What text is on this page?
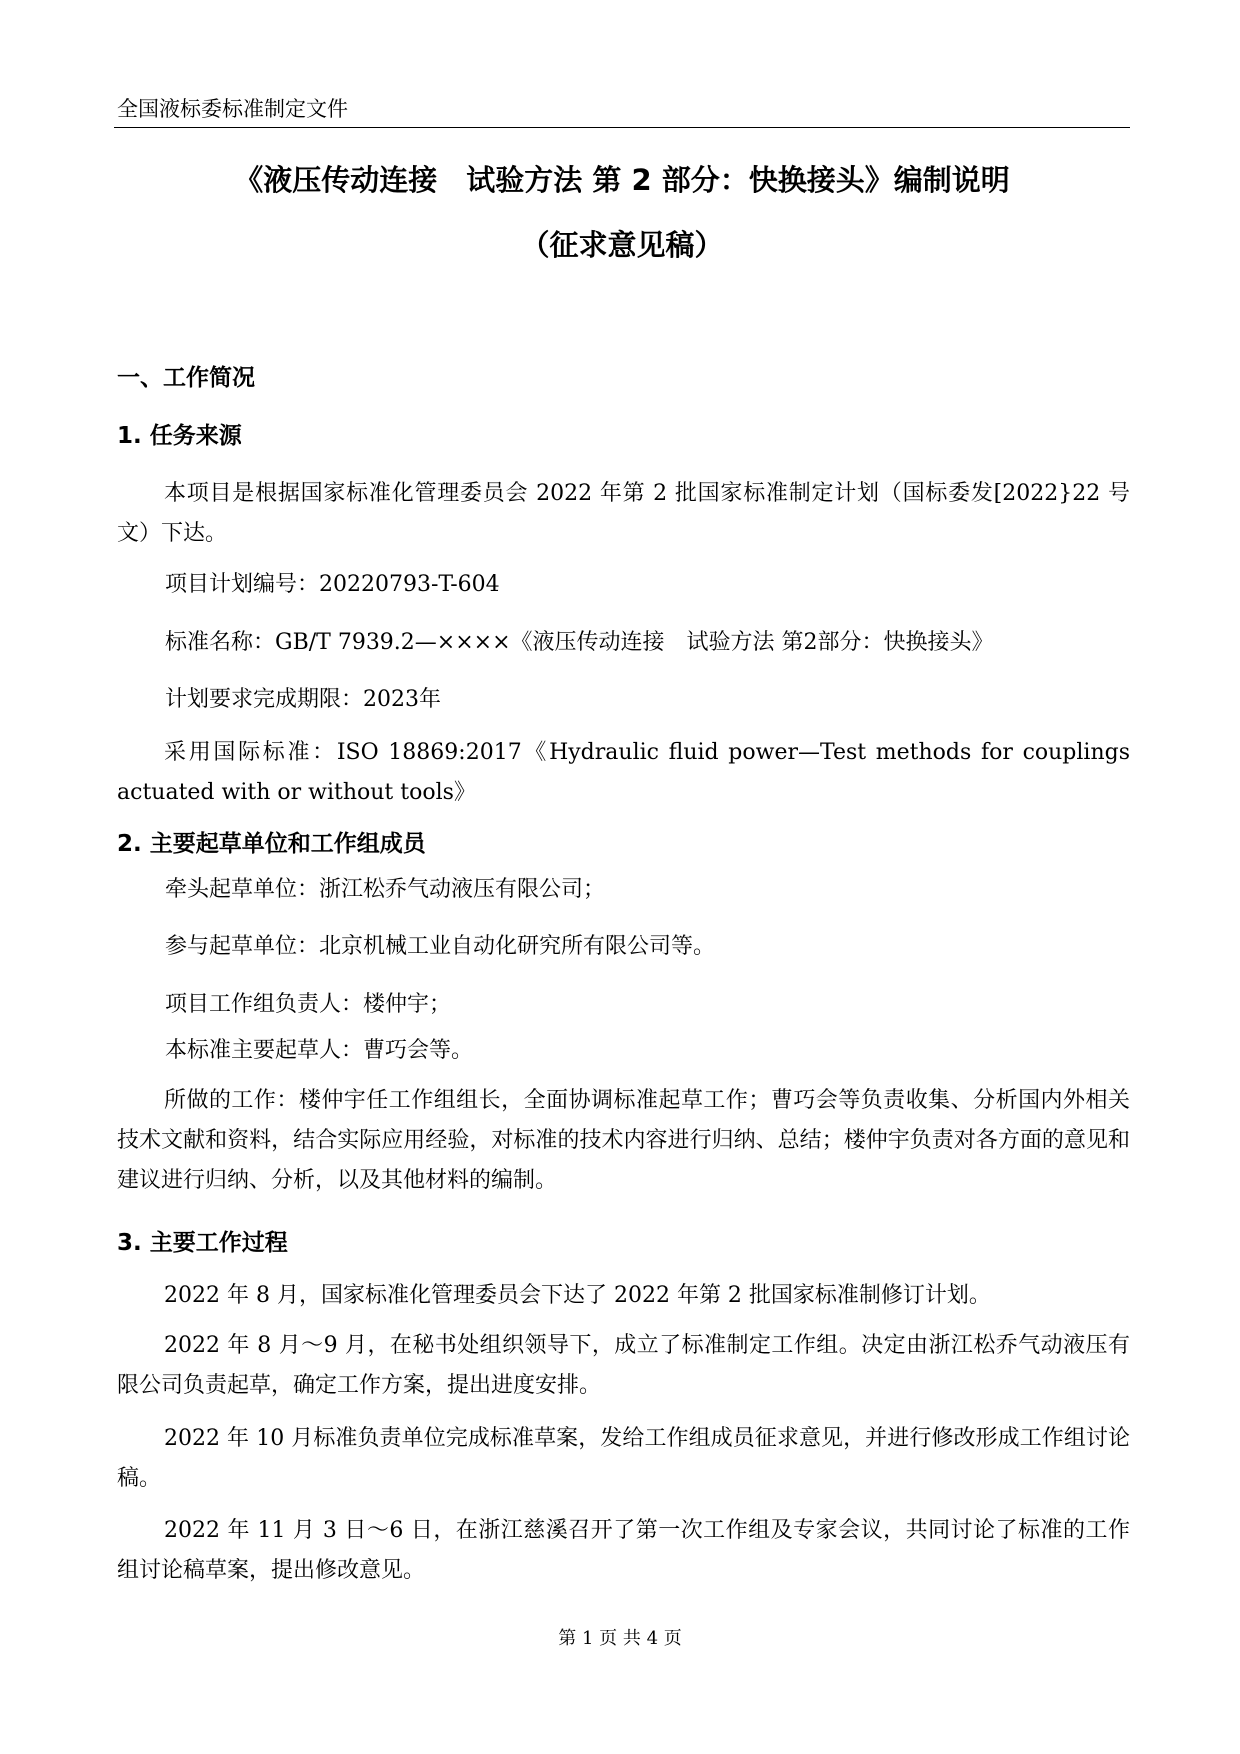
全国液标委标准制定文件
《液压传动连接　试验方法 第 2 部分：快换接头》编制说明
（征求意见稿）
一、工作简况
1. 任务来源
本项目是根据国家标准化管理委员会 2022 年第 2 批国家标准制定计划（国标委发[2022}22 号文）下达。
项目计划编号：20220793-T-604
标准名称：GB/T 7939.2—××××《液压传动连接　试验方法 第2部分：快换接头》
计划要求完成期限：2023年
采用国际标准：ISO 18869:2017《Hydraulic fluid power—Test methods for couplings actuated with or without tools》
2. 主要起草单位和工作组成员
牵头起草单位：浙江松乔气动液压有限公司；
参与起草单位：北京机械工业自动化研究所有限公司等。
项目工作组负责人：楼仲宇；
本标准主要起草人：曹巧会等。
所做的工作：楼仲宇任工作组组长，全面协调标准起草工作；曹巧会等负责收集、分析国内外相关技术文献和资料，结合实际应用经验，对标准的技术内容进行归纳、总结；楼仲宇负责对各方面的意见和建议进行归纳、分析，以及其他材料的编制。
3. 主要工作过程
2022 年 8 月，国家标准化管理委员会下达了 2022 年第 2 批国家标准制修订计划。
2022 年 8 月～9 月，在秘书处组织领导下，成立了标准制定工作组。决定由浙江松乔气动液压有限公司负责起草，确定工作方案，提出进度安排。
2022 年 10 月标准负责单位完成标准草案，发给工作组成员征求意见，并进行修改形成工作组讨论稿。
2022 年 11 月 3 日～6 日，在浙江慈溪召开了第一次工作组及专家会议，共同讨论了标准的工作组讨论稿草案，提出修改意见。
第 1 页 共 4 页
